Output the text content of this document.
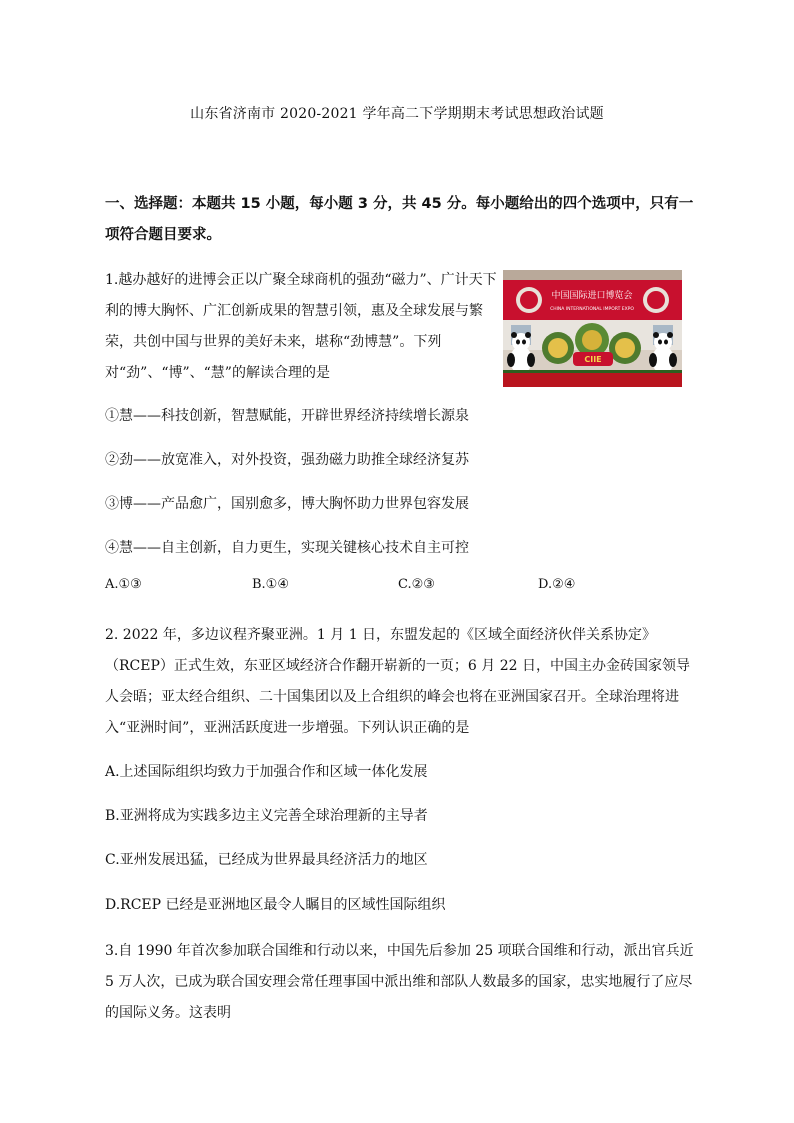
山东省济南市 2020-2021 学年高二下学期期末考试思想政治试题
一、选择题：本题共 15 小题，每小题 3 分，共 45 分。每小题给出的四个选项中，只有一项符合题目要求。
1.越办越好的进博会正以广聚全球商机的强劲“磁力”、广计天下利的博大胸怀、广汇创新成果的智慧引领，惠及全球发展与繁荣，共创中国与世界的美好未来，堪称“劲博慧”。下列对“劲”、“博”、“慧”的解读合理的是
中国国际进口博览会
CHINA INTERNATIONAL IMPORT EXPO
CIIE
①慧——科技创新，智慧赋能，开辟世界经济持续增长源泉
②劲——放宽准入，对外投资，强劲磁力助推全球经济复苏
③博——产品愈广，国别愈多，博大胸怀助力世界包容发展
④慧——自主创新，自力更生，实现关键核心技术自主可控
A.①③	B.①④	C.②③	D.②④
2. 2022 年，多边议程齐聚亚洲。1 月 1 日，东盟发起的《区域全面经济伙伴关系协定》（RCEP）正式生效，东亚区域经济合作翻开崭新的一页；6 月 22 日，中国主办金砖国家领导人会晤；亚太经合组织、二十国集团以及上合组织的峰会也将在亚洲国家召开。全球治理将进入“亚洲时间”，亚洲活跃度进一步增强。下列认识正确的是
A.上述国际组织均致力于加强合作和区域一体化发展
B.亚洲将成为实践多边主义完善全球治理新的主导者
C.亚州发展迅猛，已经成为世界最具经济活力的地区
D.RCEP 已经是亚洲地区最令人瞩目的区域性国际组织
3.自 1990 年首次参加联合国维和行动以来，中国先后参加 25 项联合国维和行动，派出官兵近 5 万人次，已成为联合国安理会常任理事国中派出维和部队人数最多的国家，忠实地履行了应尽的国际义务。这表明
